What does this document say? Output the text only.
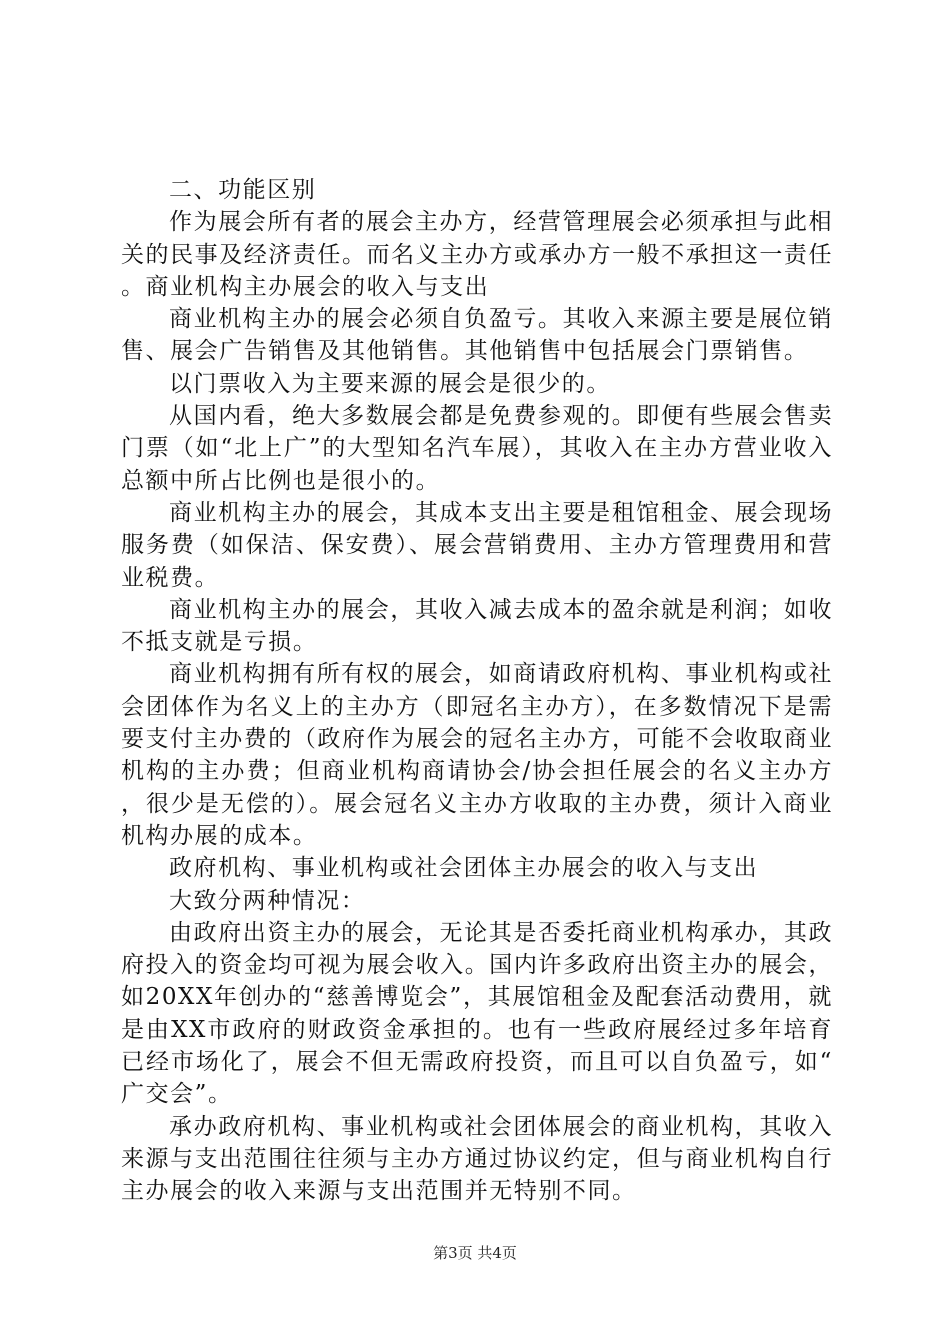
二、功能区别

作为展会所有者的展会主办方，经营管理展会必须承担与此相关的民事及经济责任。而名义主办方或承办方一般不承担这一责任。商业机构主办展会的收入与支出

商业机构主办的展会必须自负盈亏。其收入来源主要是展位销售、展会广告销售及其他销售。其他销售中包括展会门票销售。

以门票收入为主要来源的展会是很少的。

从国内看，绝大多数展会都是免费参观的。即便有些展会售卖门票（如“北上广”的大型知名汽车展），其收入在主办方营业收入总额中所占比例也是很小的。

商业机构主办的展会，其成本支出主要是租馆租金、展会现场服务费（如保洁、保安费）、展会营销费用、主办方管理费用和营业税费。

商业机构主办的展会，其收入减去成本的盈余就是利润；如收不抵支就是亏损。

商业机构拥有所有权的展会，如商请政府机构、事业机构或社会团体作为名义上的主办方（即冠名主办方），在多数情况下是需要支付主办费的（政府作为展会的冠名主办方，可能不会收取商业机构的主办费；但商业机构商请协会/协会担任展会的名义主办方，很少是无偿的）。展会冠名义主办方收取的主办费，须计入商业机构办展的成本。

政府机构、事业机构或社会团体主办展会的收入与支出

大致分两种情况：

由政府出资主办的展会，无论其是否委托商业机构承办，其政府投入的资金均可视为展会收入。国内许多政府出资主办的展会，如20XX年创办的“慈善博览会”，其展馆租金及配套活动费用，就是由XX市政府的财政资金承担的。也有一些政府展经过多年培育已经市场化了，展会不但无需政府投资，而且可以自负盈亏，如“广交会”。

承办政府机构、事业机构或社会团体展会的商业机构，其收入来源与支出范围往往须与主办方通过协议约定，但与商业机构自行主办展会的收入来源与支出范围并无特别不同。

第3页 共4页
